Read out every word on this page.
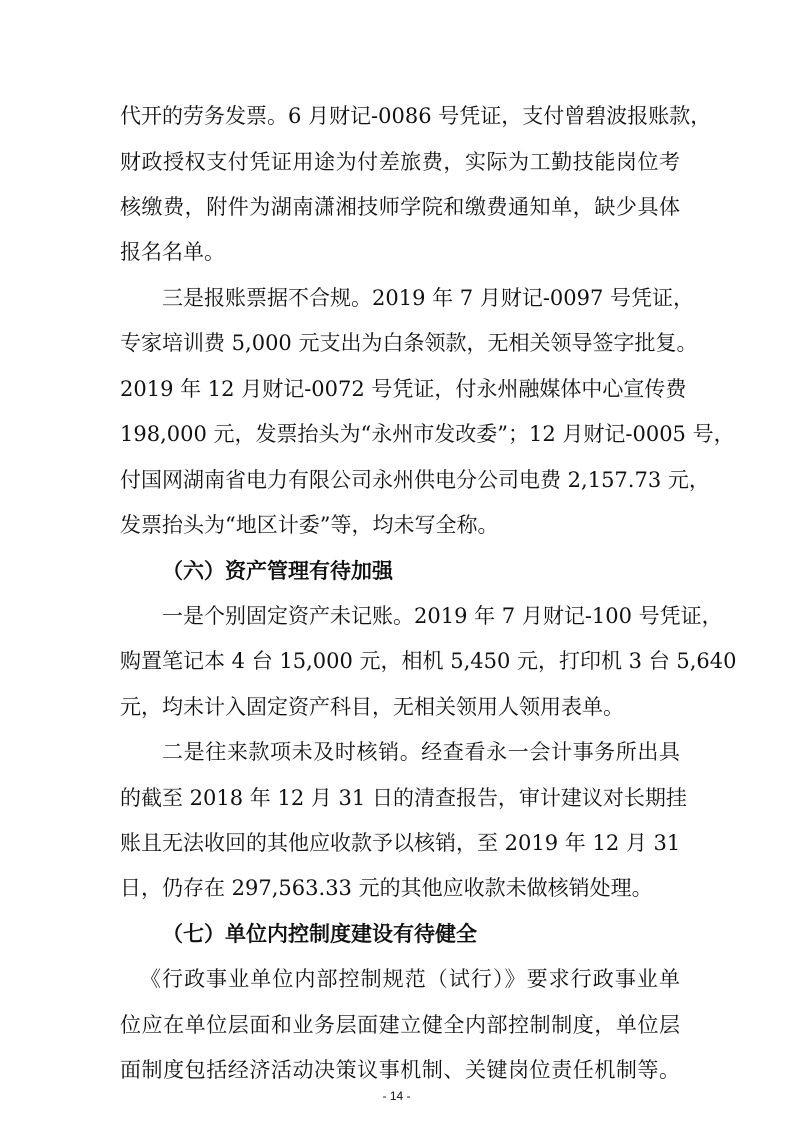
代开的劳务发票。6 月财记-0086 号凭证，支付曾碧波报账款，
财政授权支付凭证用途为付差旅费，实际为工勤技能岗位考
核缴费，附件为湖南潇湘技师学院和缴费通知单，缺少具体
报名名单。
三是报账票据不合规。2019 年 7 月财记-0097 号凭证，
专家培训费 5,000 元支出为白条领款，无相关领导签字批复。
2019 年 12 月财记-0072 号凭证，付永州融媒体中心宣传费
198,000 元，发票抬头为“永州市发改委”；12 月财记-0005 号，
付国网湖南省电力有限公司永州供电分公司电费 2,157.73 元，
发票抬头为“地区计委”等，均未写全称。
（六）资产管理有待加强
一是个别固定资产未记账。2019 年 7 月财记-100 号凭证，
购置笔记本 4 台 15,000 元，相机 5,450 元，打印机 3 台 5,640
元，均未计入固定资产科目，无相关领用人领用表单。
二是往来款项未及时核销。经查看永一会计事务所出具
的截至 2018 年 12 月 31 日的清查报告，审计建议对长期挂
账且无法收回的其他应收款予以核销，至 2019 年 12 月 31
日，仍存在 297,563.33 元的其他应收款未做核销处理。
（七）单位内控制度建设有待健全
《行政事业单位内部控制规范（试行）》要求行政事业单
位应在单位层面和业务层面建立健全内部控制制度，单位层
面制度包括经济活动决策议事机制、关键岗位责任机制等。
- 14 -
